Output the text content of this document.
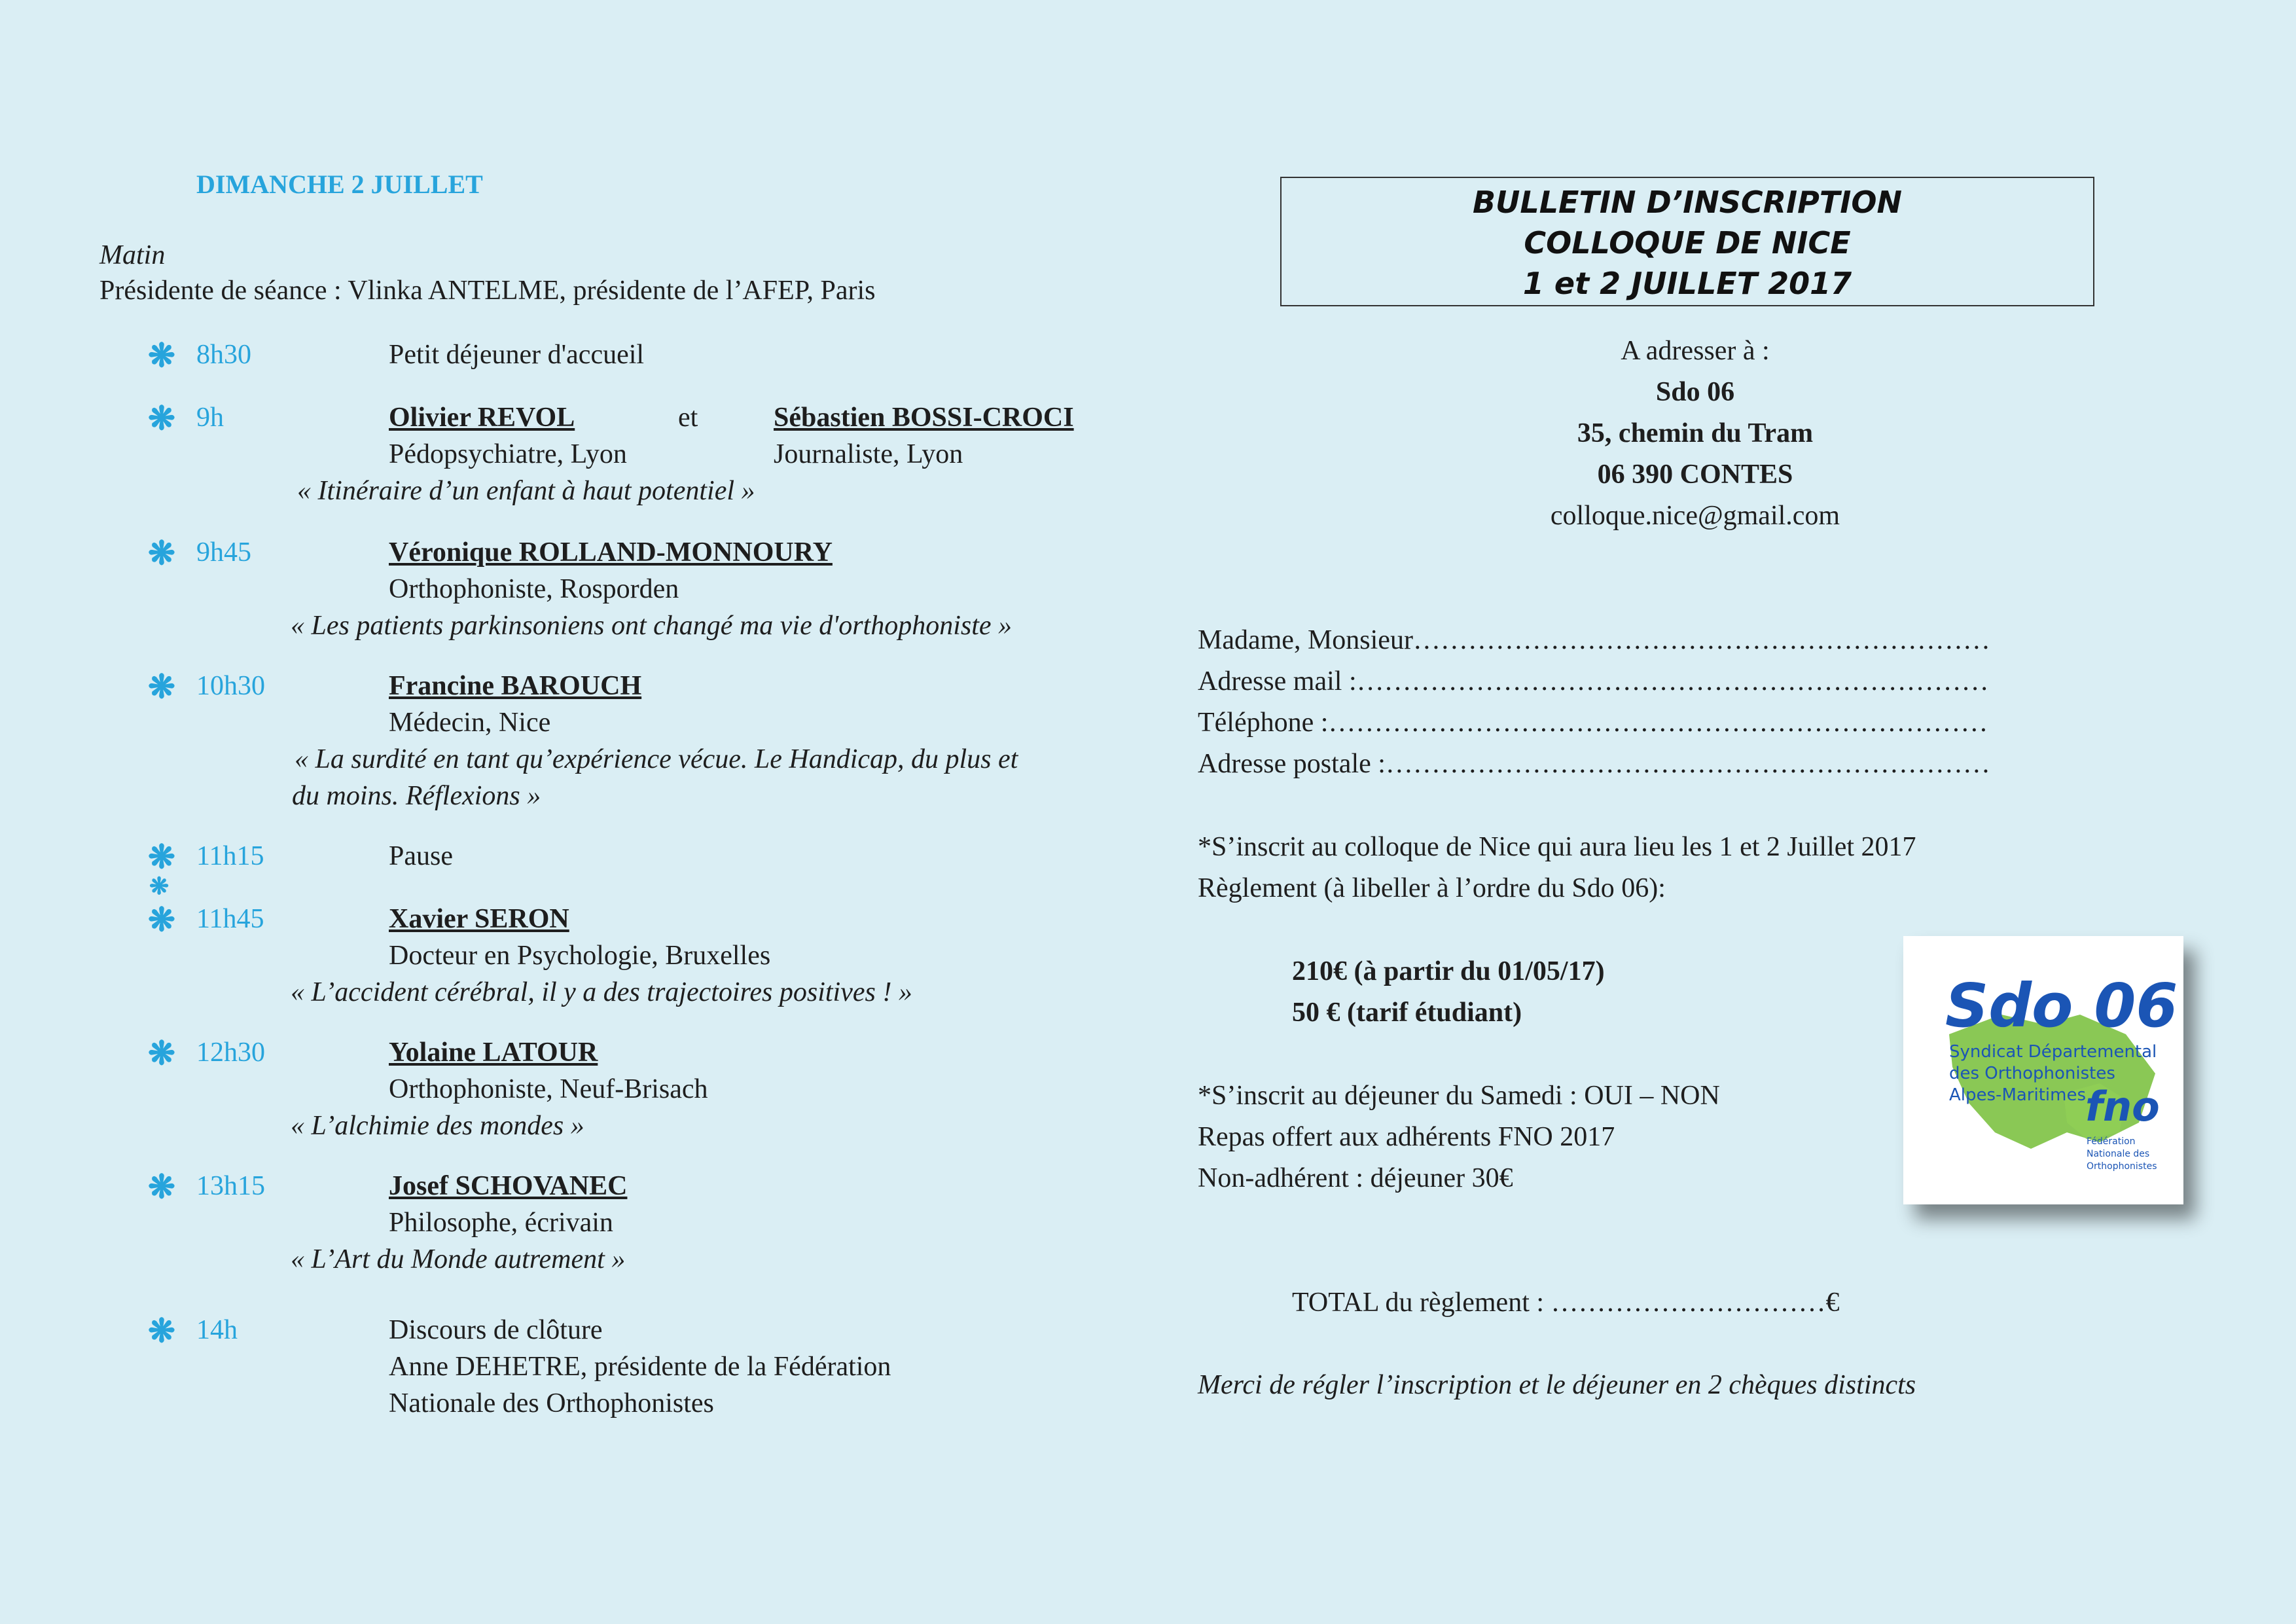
DIMANCHE 2 JUILLET
Matin
Présidente de séance : Vlinka ANTELME, présidente de l’AFEP, Paris
❋ 8h30	Petit déjeuner d'accueil
❋ 9h	Olivier REVOL	et	Sébastien BOSSI-CROCI
Pédopsychiatre, Lyon	Journaliste, Lyon
« Itinéraire d’un enfant à haut potentiel »
❋ 9h45	Véronique ROLLAND-MONNOURY
Orthophoniste, Rosporden
« Les patients parkinsoniens ont changé ma vie d'orthophoniste »
❋ 10h30	Francine BAROUCH
Médecin, Nice
« La surdité en tant qu’expérience vécue. Le Handicap, du plus et
du moins. Réflexions »
❋ 11h15	Pause
❋
❋ 11h45	Xavier SERON
Docteur en Psychologie, Bruxelles
« L’accident cérébral, il y a des trajectoires positives ! »
❋ 12h30	Yolaine LATOUR
Orthophoniste, Neuf-Brisach
« L’alchimie des mondes »
❋ 13h15	Josef SCHOVANEC
Philosophe, écrivain
« L’Art du Monde autrement »
❋ 14h	Discours de clôture
Anne DEHETRE, présidente de la Fédération
Nationale des Orthophonistes
BULLETIN D’INSCRIPTION
COLLOQUE DE NICE
1 et 2 JUILLET 2017
A adresser à :
Sdo 06
35, chemin du Tram
06 390 CONTES
colloque.nice@gmail.com
Madame, Monsieur………………………………………………………
Adresse mail :……………………………………………………………
Téléphone :………………………………………………………………
Adresse postale :…………………………………………………………
*S’inscrit au colloque de Nice qui aura lieu les 1 et 2 Juillet 2017
Règlement (à libeller à l’ordre du Sdo 06):
210€ (à partir du 01/05/17)
50 € (tarif étudiant)
*S’inscrit au déjeuner du Samedi : OUI – NON
Repas offert aux adhérents FNO 2017
Non-adhérent : déjeuner 30€
TOTAL du règlement : …………………………€
Merci de régler l’inscription et le déjeuner en 2 chèques distincts
Sdo 06
Syndicat Départemental
des Orthophonistes
Alpes-Maritimes
fno
Fédération
Nationale des
Orthophonistes
